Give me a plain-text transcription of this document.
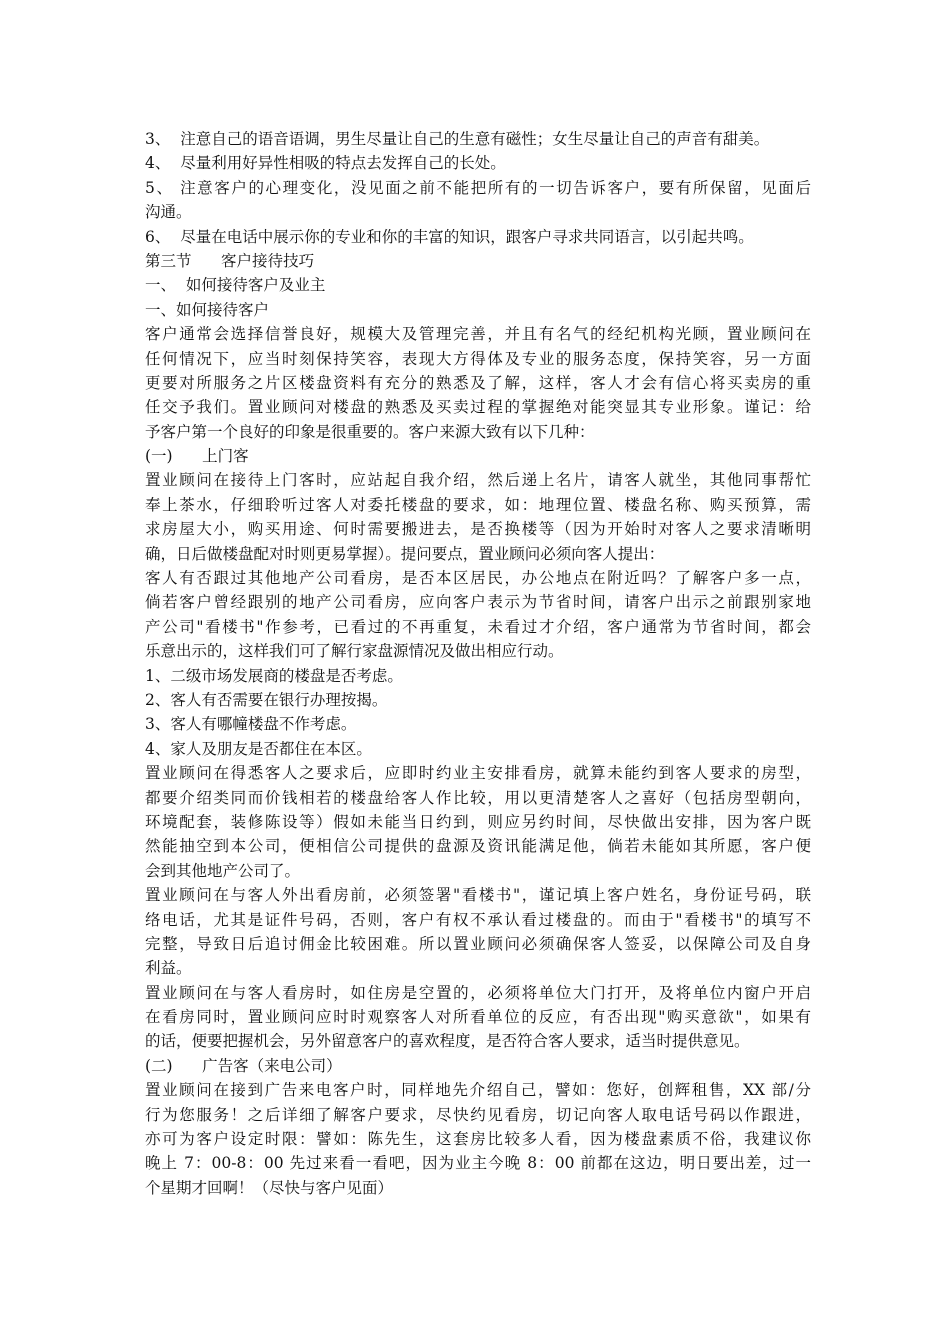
3、  注意自己的语音语调，男生尽量让自己的生意有磁性；女生尽量让自己的声音有甜美。
4、  尽量利用好异性相吸的特点去发挥自己的长处。
5、 注意客户的心理变化，没见面之前不能把所有的一切告诉客户，要有所保留，见面后
沟通。
6、  尽量在电话中展示你的专业和你的丰富的知识，跟客户寻求共同语言，以引起共鸣。
第三节      客户接待技巧
一、  如何接待客户及业主
一、如何接待客户
客户通常会选择信誉良好，规模大及管理完善，并且有名气的经纪机构光顾，置业顾问在
任何情况下，应当时刻保持笑容，表现大方得体及专业的服务态度，保持笑容，另一方面
更要对所服务之片区楼盘资料有充分的熟悉及了解，这样，客人才会有信心将买卖房的重
任交予我们。置业顾问对楼盘的熟悉及买卖过程的掌握绝对能突显其专业形象。谨记：给
予客户第一个良好的印象是很重要的。客户来源大致有以下几种：
(一)      上门客
置业顾问在接待上门客时，应站起自我介绍，然后递上名片，请客人就坐，其他同事帮忙
奉上茶水，仔细聆听过客人对委托楼盘的要求，如：地理位置、楼盘名称、购买预算，需
求房屋大小，购买用途、何时需要搬进去，是否换楼等（因为开始时对客人之要求清晰明
确，日后做楼盘配对时则更易掌握）。提问要点，置业顾问必须向客人提出：
客人有否跟过其他地产公司看房，是否本区居民，办公地点在附近吗？了解客户多一点，
倘若客户曾经跟别的地产公司看房，应向客户表示为节省时间，请客户出示之前跟别家地
产公司"看楼书"作参考，已看过的不再重复，未看过才介绍，客户通常为节省时间，都会
乐意出示的，这样我们可了解行家盘源情况及做出相应行动。
1、二级市场发展商的楼盘是否考虑。
2、客人有否需要在银行办理按揭。
3、客人有哪幢楼盘不作考虑。
4、家人及朋友是否都住在本区。
置业顾问在得悉客人之要求后，应即时约业主安排看房，就算未能约到客人要求的房型，
都要介绍类同而价钱相若的楼盘给客人作比较，用以更清楚客人之喜好（包括房型朝向，
环境配套，装修陈设等）假如未能当日约到，则应另约时间，尽快做出安排，因为客户既
然能抽空到本公司，便相信公司提供的盘源及资讯能满足他，倘若未能如其所愿，客户便
会到其他地产公司了。
置业顾问在与客人外出看房前，必须签署"看楼书"，谨记填上客户姓名，身份证号码，联
络电话，尤其是证件号码，否则，客户有权不承认看过楼盘的。而由于"看楼书"的填写不
完整，导致日后追讨佣金比较困难。所以置业顾问必须确保客人签妥，以保障公司及自身
利益。
置业顾问在与客人看房时，如住房是空置的，必须将单位大门打开，及将单位内窗户开启
在看房同时，置业顾问应时时观察客人对所看单位的反应，有否出现"购买意欲"，如果有
的话，便要把握机会，另外留意客户的喜欢程度，是否符合客人要求，适当时提供意见。
(二)      广告客（来电公司）
置业顾问在接到广告来电客户时，同样地先介绍自己，譬如：您好，创辉租售，XX 部/分
行为您服务！之后详细了解客户要求，尽快约见看房，切记向客人取电话号码以作跟进，
亦可为客户设定时限：譬如：陈先生，这套房比较多人看，因为楼盘素质不俗，我建议你
晚上 7：00-8：00 先过来看一看吧，因为业主今晚 8：00 前都在这边，明日要出差，过一
个星期才回啊！（尽快与客户见面）
